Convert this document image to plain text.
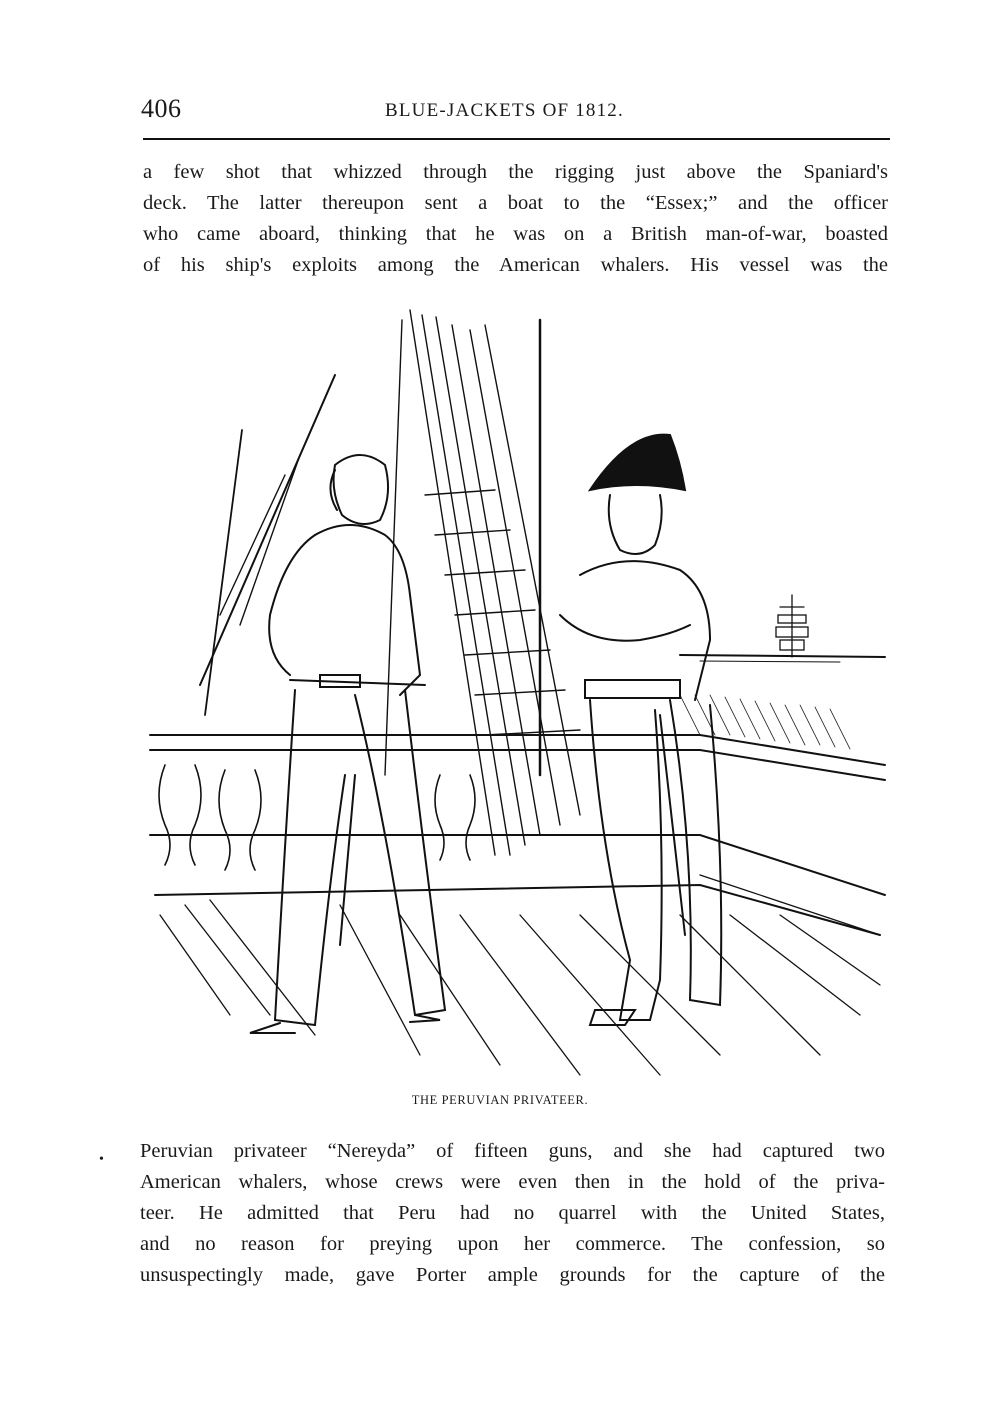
406	BLUE-JACKETS OF 1812.
a few shot that whizzed through the rigging just above the Spaniard's
deck. The latter thereupon sent a boat to the “Essex;” and the officer
who came aboard, thinking that he was on a British man-of-war, boasted
of his ship's exploits among the American whalers. His vessel was the
THE PERUVIAN PRIVATEER.
• Peruvian privateer “Nereyda” of fifteen guns, and she had captured two
American whalers, whose crews were even then in the hold of the priva-
teer. He admitted that Peru had no quarrel with the United States,
and no reason for preying upon her commerce. The confession, so
unsuspectingly made, gave Porter ample grounds for the capture of the
